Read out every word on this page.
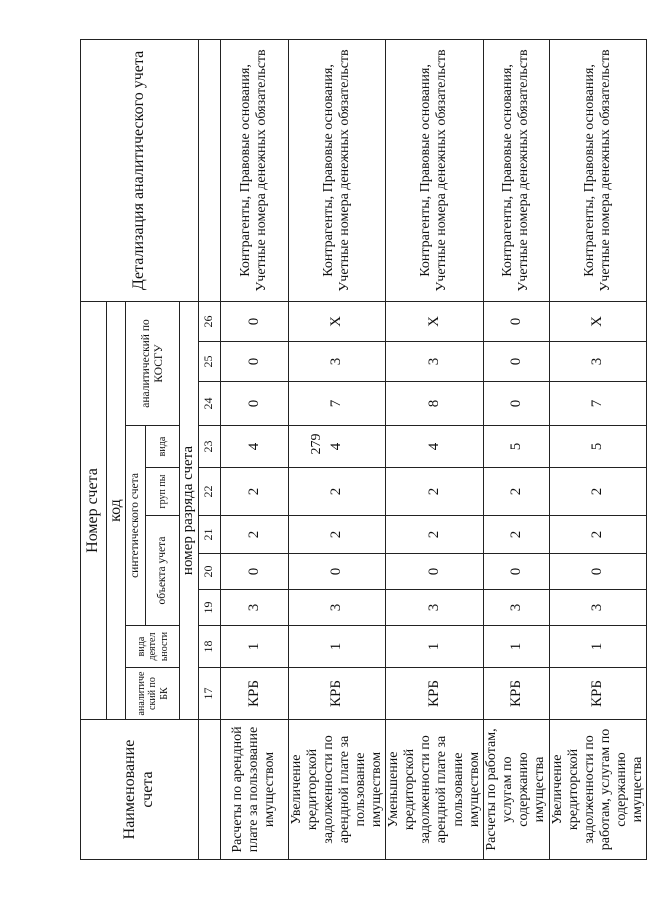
279
Наименование счета	Номер счета										Детализация аналитического учета
	код										
	аналитиче ский по БК	вида деятел ьности	синтетического счета					аналитический по КОСГУ			
			объекта учета			груп пы	вида				
	номер разряда счета										
	17	18	19	20	21	22	23	24	25	26	
Расчеты по арендной плате за пользование имуществом	КРБ	1	3	0	2	2	4	0	0	0	Контрагенты, Правовые основания, Учетные номера денежных обязательств
Увеличение кредиторской задолженности по арендной плате за пользование имуществом	КРБ	1	3	0	2	2	4	7	3	X	Контрагенты, Правовые основания, Учетные номера денежных обязательств
Уменьшение кредиторской задолженности по арендной плате за пользование имуществом	КРБ	1	3	0	2	2	4	8	3	X	Контрагенты, Правовые основания, Учетные номера денежных обязательств
Расчеты по работам, услугам по содержанию имущества	КРБ	1	3	0	2	2	5	0	0	0	Контрагенты, Правовые основания, Учетные номера денежных обязательств
Увеличение кредиторской задолженности по работам, услугам по содержанию имущества	КРБ	1	3	0	2	2	5	7	3	X	Контрагенты, Правовые основания, Учетные номера денежных обязательств
